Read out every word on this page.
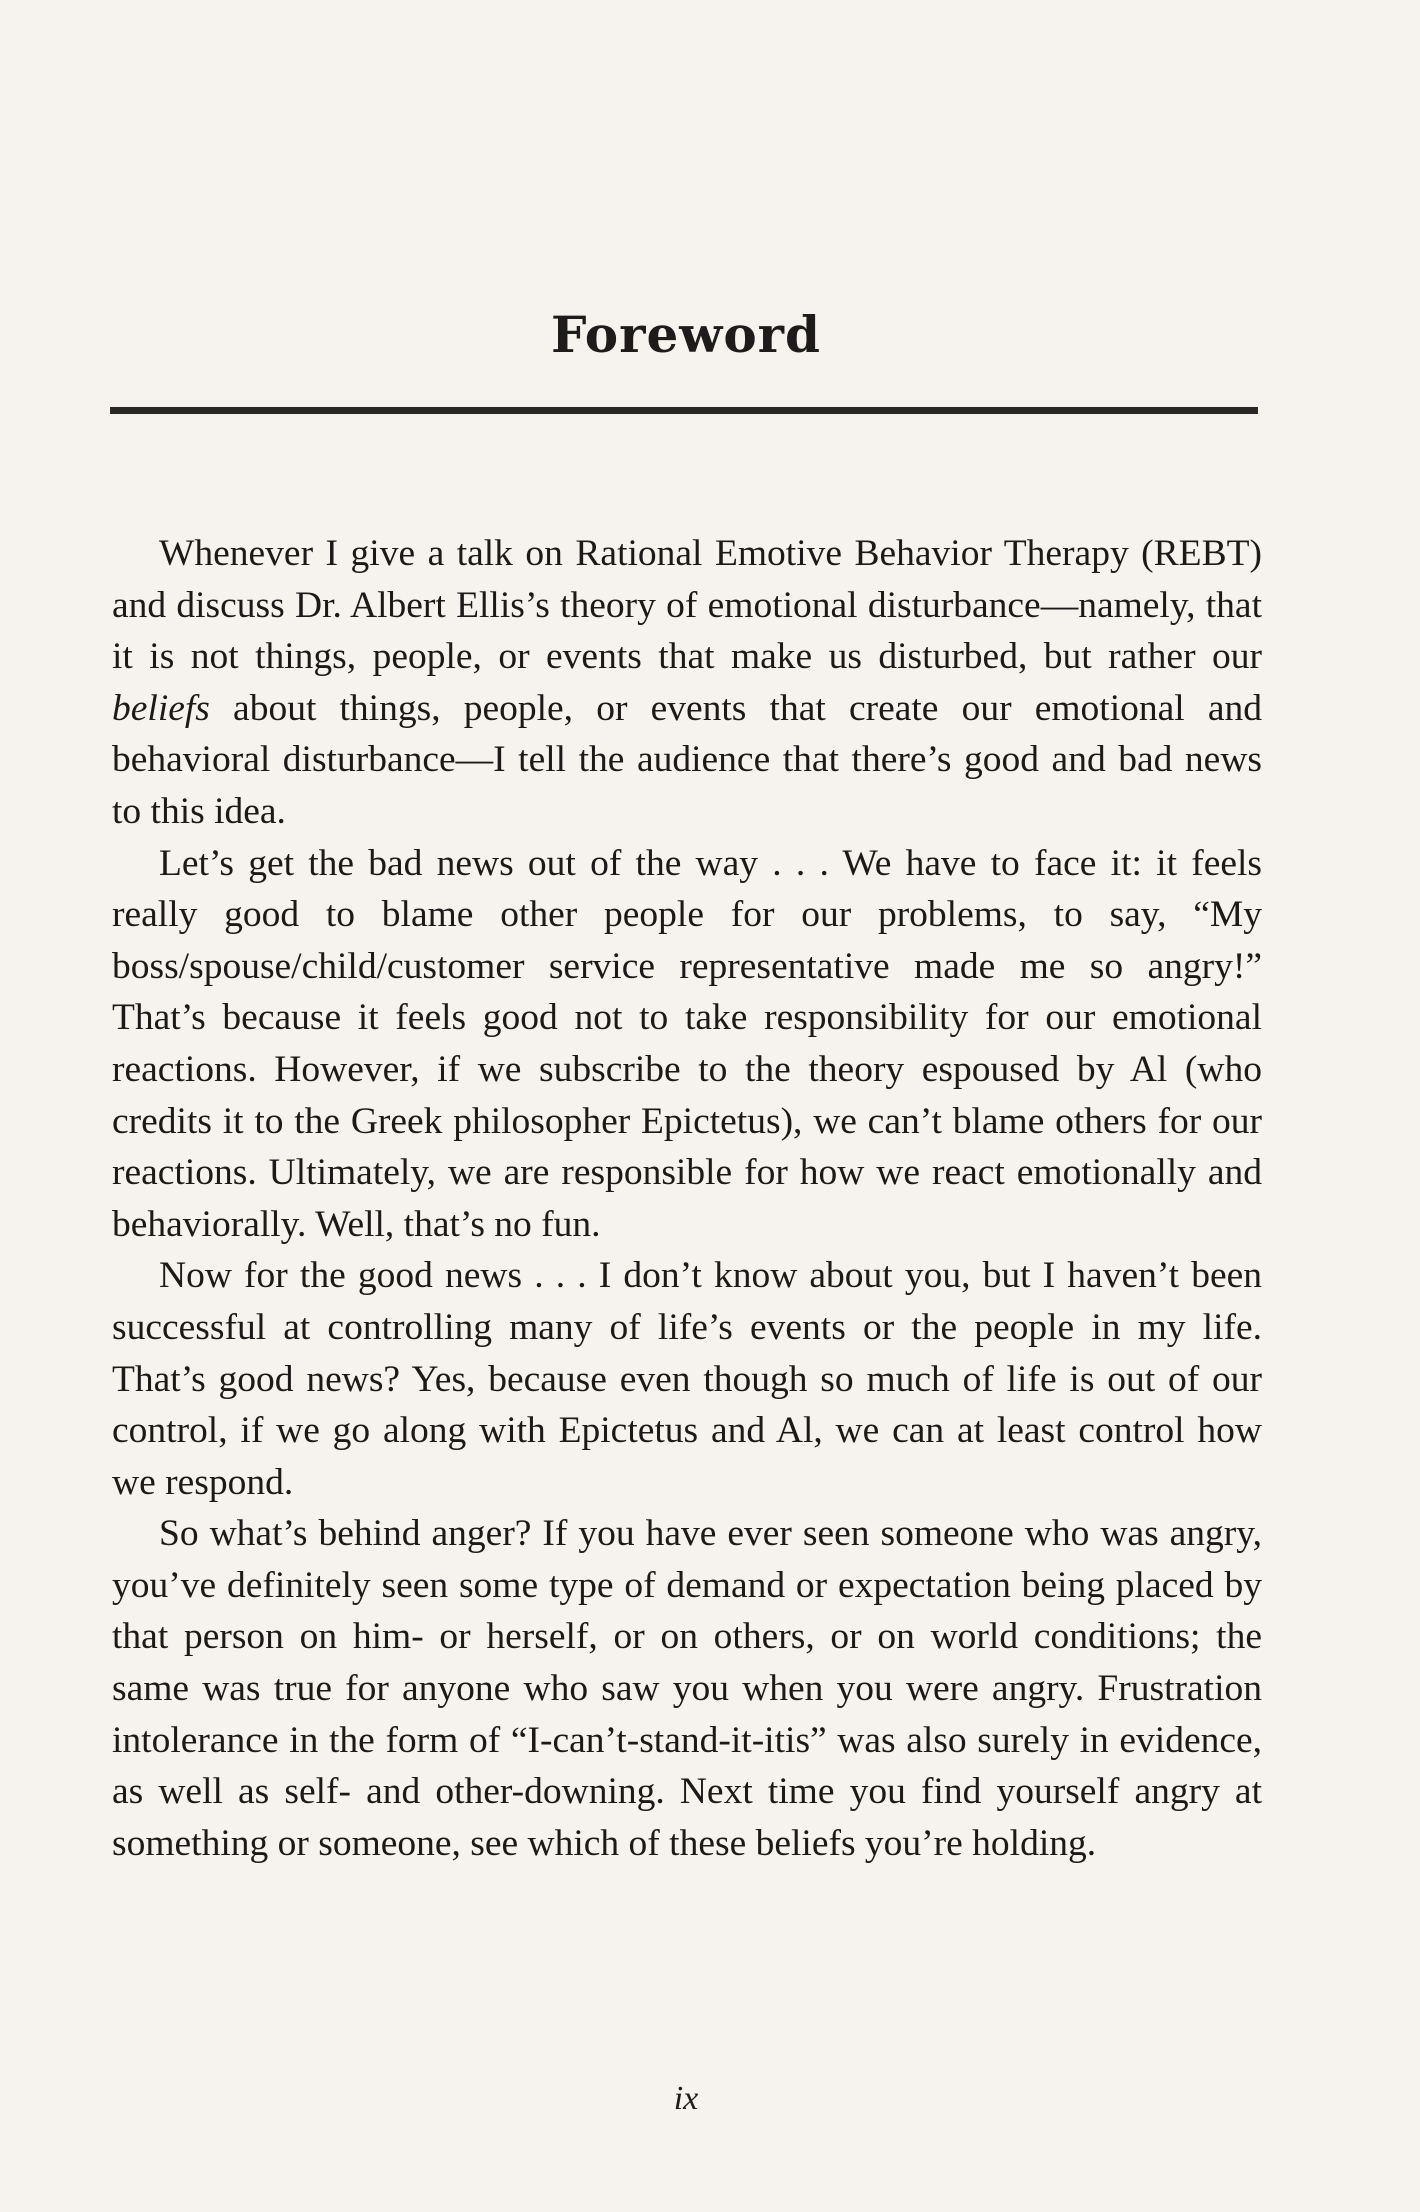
Foreword

Whenever I give a talk on Rational Emotive Behavior Therapy (REBT) and discuss Dr. Albert Ellis’s theory of emotional disturbance—namely, that it is not things, people, or events that make us disturbed, but rather our beliefs about things, people, or events that create our emotional and behavioral disturbance—I tell the audience that there’s good and bad news to this idea.

Let’s get the bad news out of the way . . . We have to face it: it feels really good to blame other people for our problems, to say, “My boss/spouse/child/customer service representative made me so angry!” That’s because it feels good not to take responsibility for our emotional reactions. However, if we subscribe to the theory espoused by Al (who credits it to the Greek philosopher Epictetus), we can’t blame others for our reactions. Ultimately, we are responsible for how we react emotionally and behaviorally. Well, that’s no fun.

Now for the good news . . . I don’t know about you, but I haven’t been successful at controlling many of life’s events or the people in my life. That’s good news? Yes, because even though so much of life is out of our control, if we go along with Epictetus and Al, we can at least control how we respond.

So what’s behind anger? If you have ever seen someone who was angry, you’ve definitely seen some type of demand or expectation being placed by that person on him- or herself, or on others, or on world conditions; the same was true for anyone who saw you when you were angry. Frustration intolerance in the form of “I-can’t-stand-it-itis” was also surely in evidence, as well as self- and other-downing. Next time you find yourself angry at something or someone, see which of these beliefs you’re holding.

ix
